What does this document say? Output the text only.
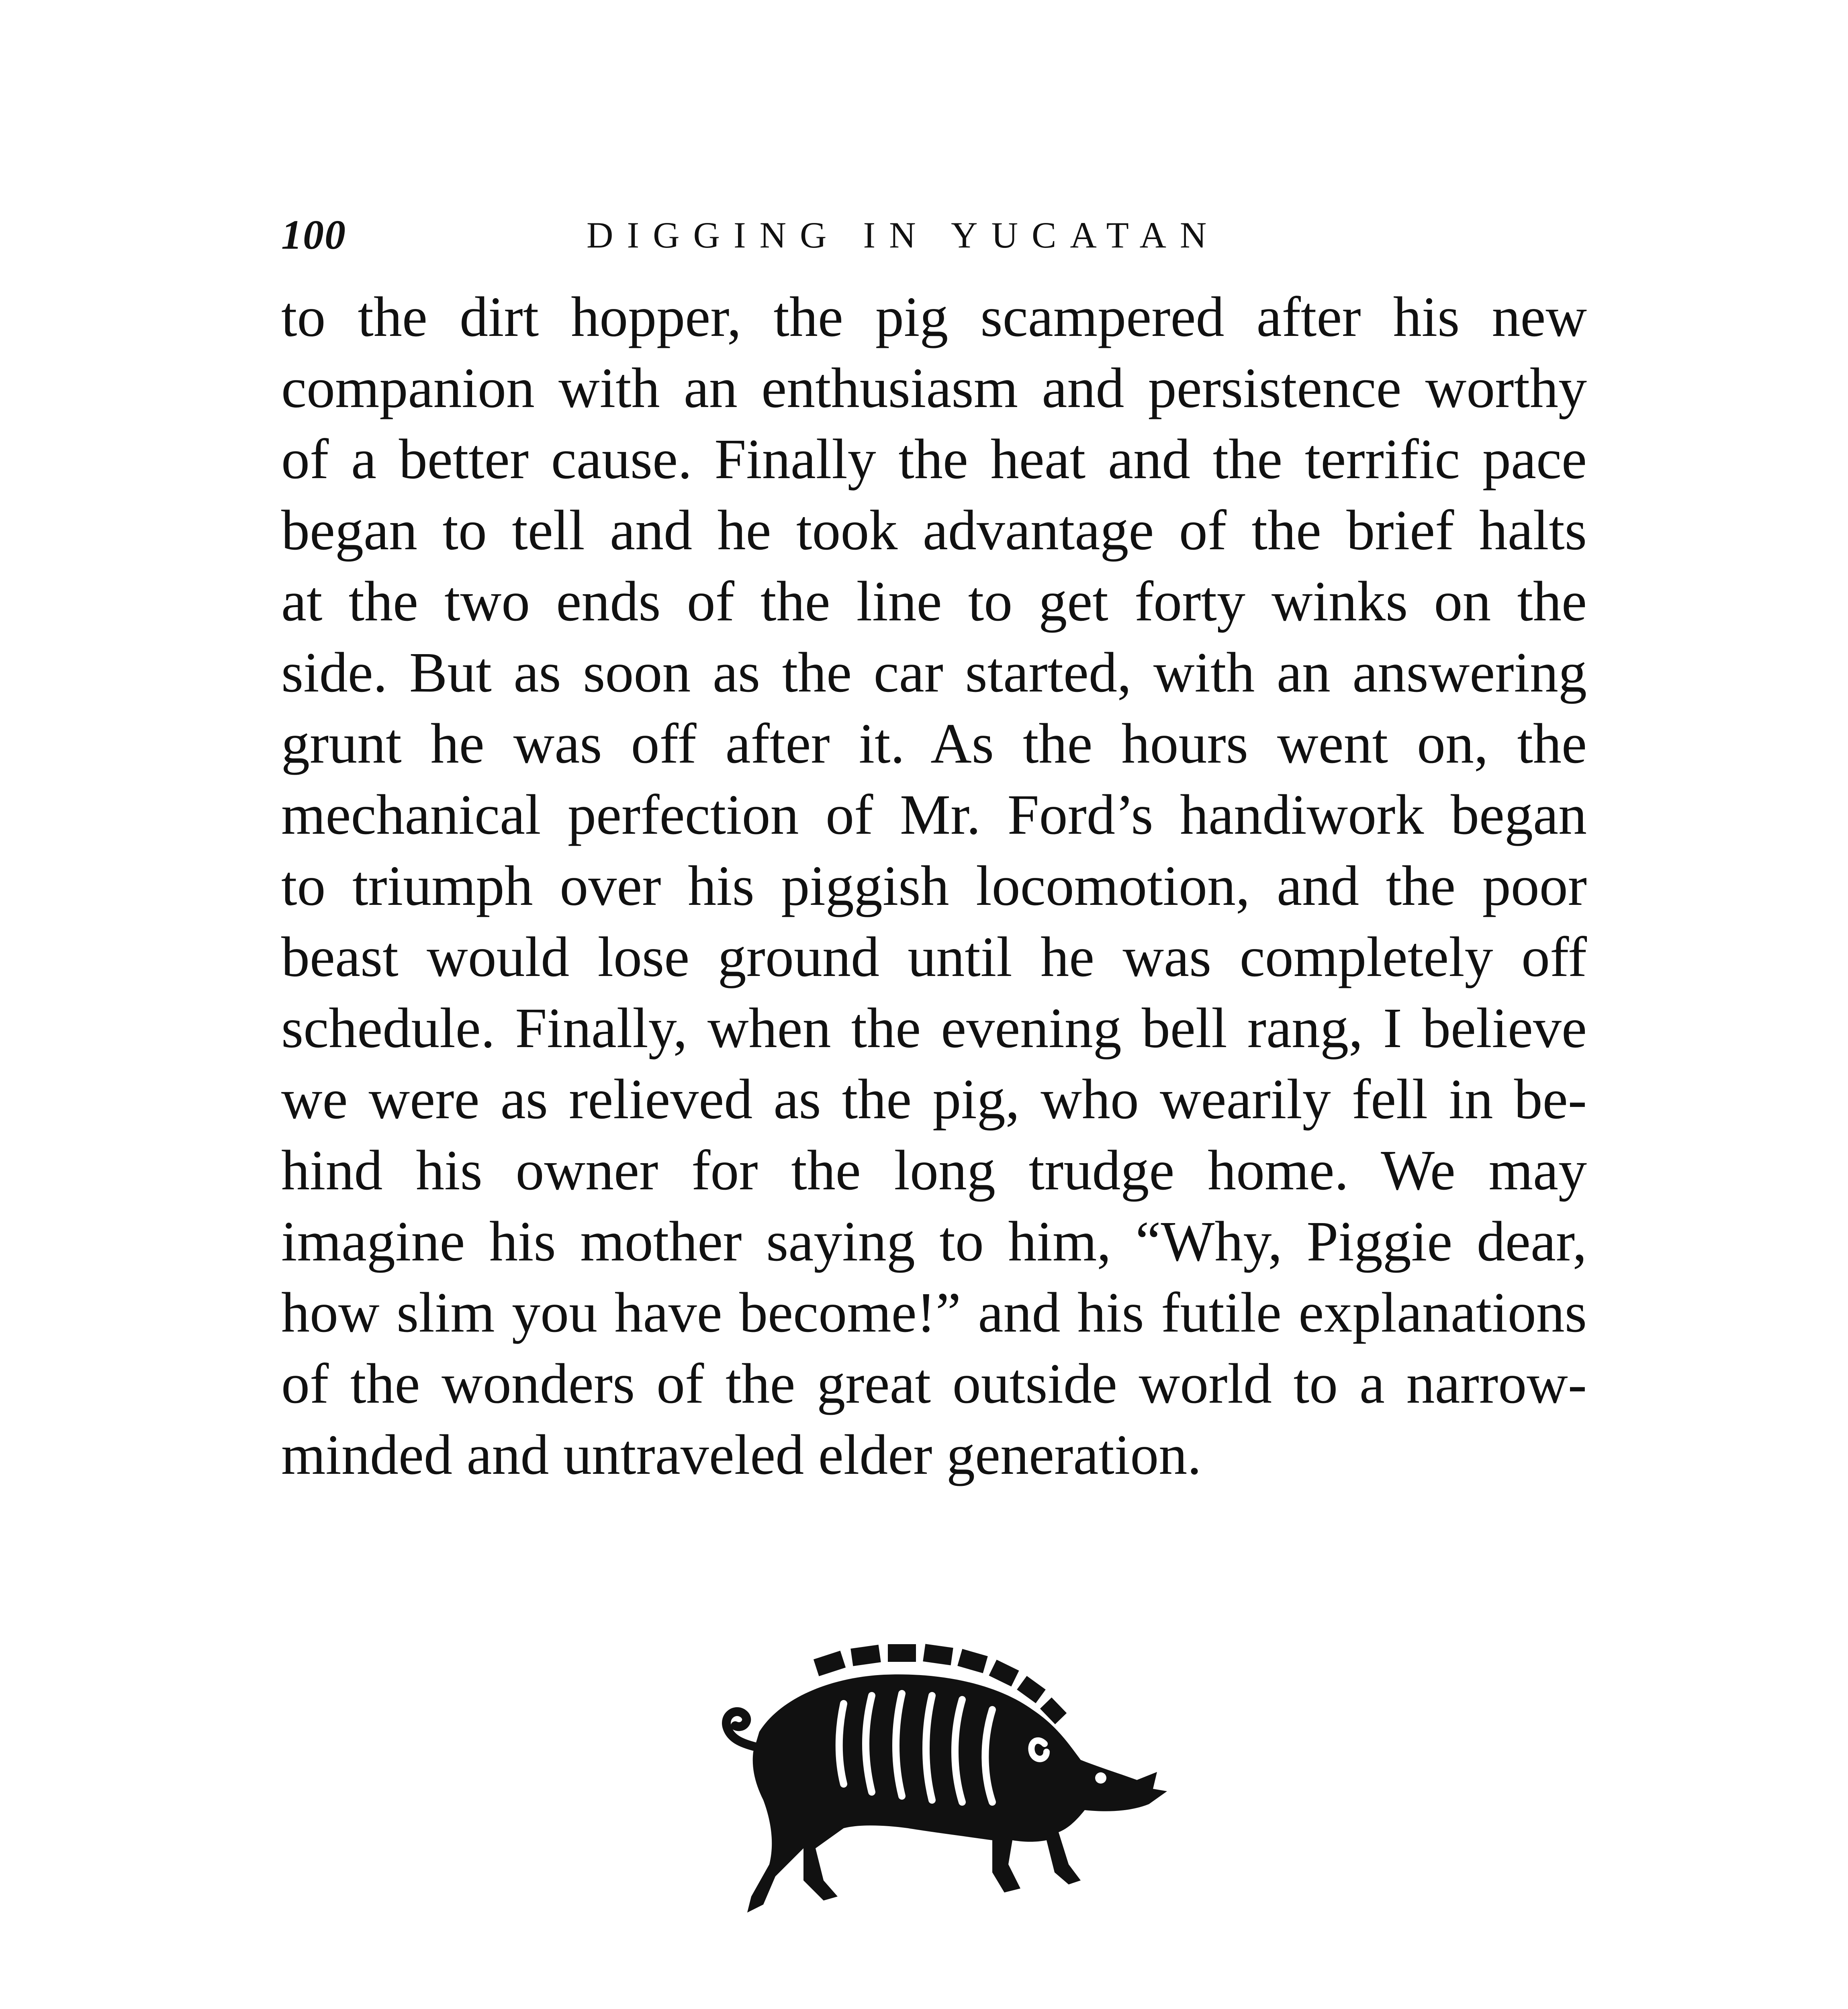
100	DIGGING IN YUCATAN
to the dirt hopper, the pig scampered after his new
companion with an enthusiasm and persistence worthy
of a better cause. Finally the heat and the terrific pace
began to tell and he took advantage of the brief halts
at the two ends of the line to get forty winks on the
side. But as soon as the car started, with an answering
grunt he was off after it. As the hours went on, the
mechanical perfection of Mr. Ford’s handiwork began
to triumph over his piggish locomotion, and the poor
beast would lose ground until he was completely off
schedule. Finally, when the evening bell rang, I believe
we were as relieved as the pig, who wearily fell in be-
hind his owner for the long trudge home. We may
imagine his mother saying to him, “Why, Piggie dear,
how slim you have become!” and his futile explanations
of the wonders of the great outside world to a narrow-
minded and untraveled elder generation.
